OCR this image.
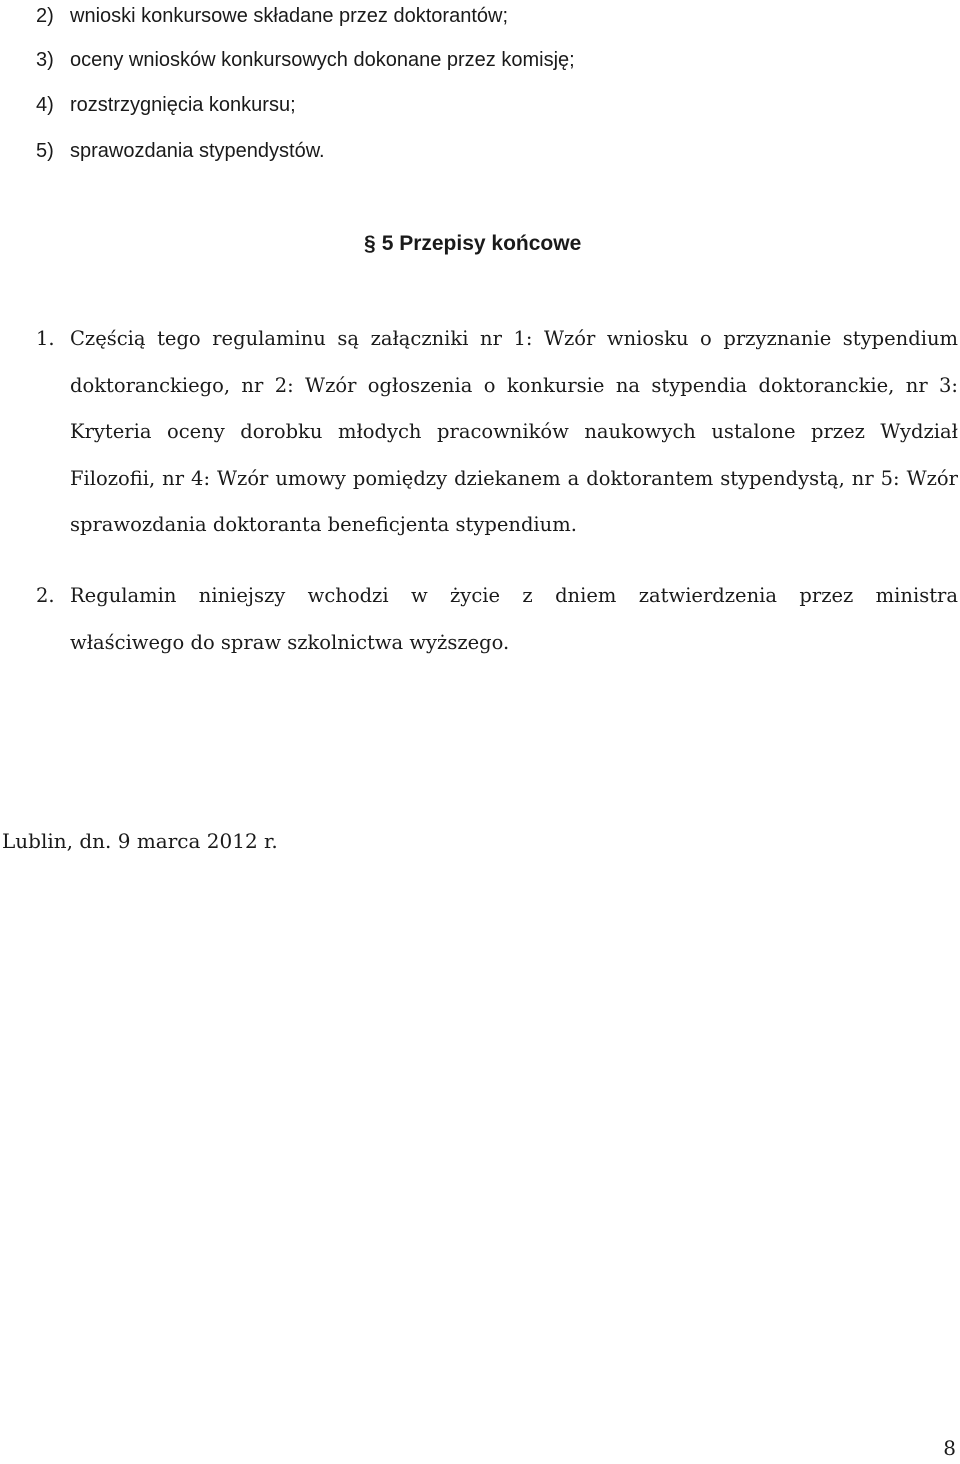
2) wnioski konkursowe składane przez doktorantów;
3) oceny wniosków konkursowych dokonane przez komisję;
4) rozstrzygnięcia konkursu;
5) sprawozdania stypendystów.
§ 5 Przepisy końcowe
1. Częścią tego regulaminu są załączniki nr 1: Wzór wniosku o przyznanie stypendium doktoranckiego, nr 2: Wzór ogłoszenia o konkursie na stypendia doktoranckie, nr 3: Kryteria oceny dorobku młodych pracowników naukowych ustalone przez Wydział Filozofii, nr 4: Wzór umowy pomiędzy dziekanem a doktorantem stypendystą, nr 5: Wzór sprawozdania doktoranta beneficjenta stypendium.
2. Regulamin niniejszy wchodzi w życie z dniem zatwierdzenia przez ministra
właściwego do spraw szkolnictwa wyższego.
Lublin, dn. 9 marca 2012 r.
8
